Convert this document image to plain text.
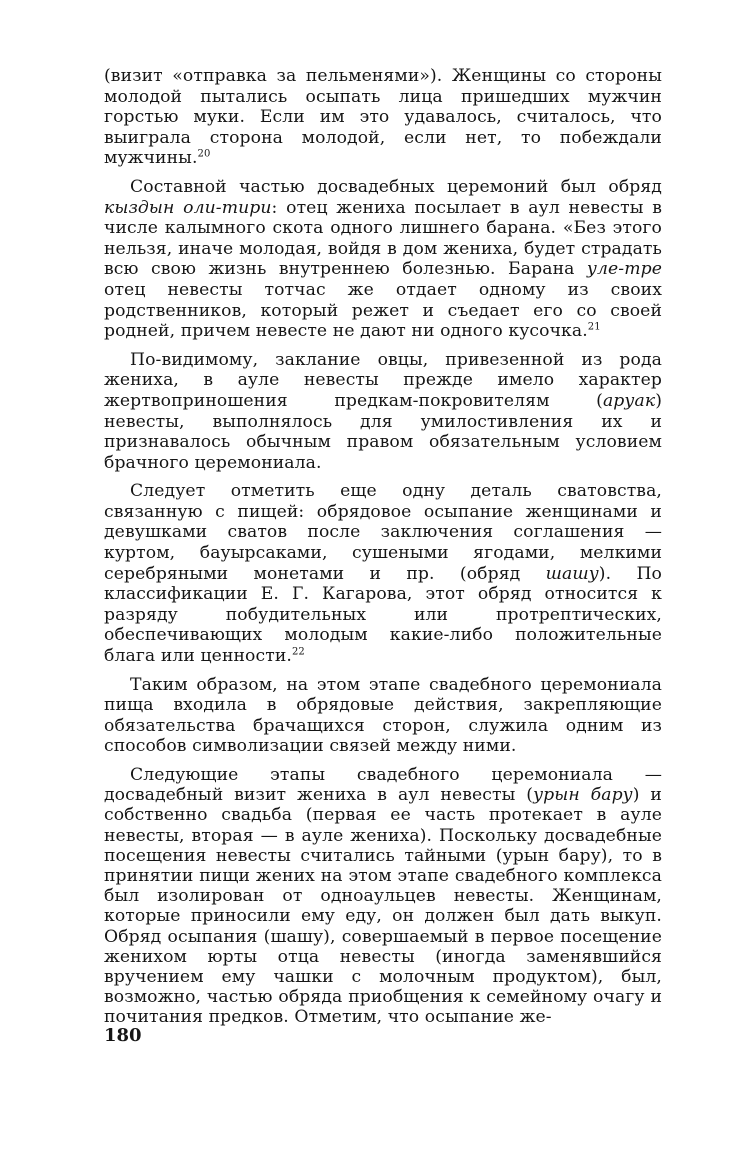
(визит «отправка за пельменями»). Женщины со стороны молодой пытались осыпать лица пришедших мужчин горстью муки. Если им это удавалось, считалось, что выиграла сторона молодой, если нет, то побеждали мужчины.$^{20}$

Составной частью досвадебных церемоний был обряд кыздын оли-тири: отец жениха посылает в аул невесты в числе калымного скота одного лишнего барана. «Без этого нельзя, иначе молодая, войдя в дом жениха, будет страдать всю свою жизнь внутреннею болезнью. Барана уле-тре отец невесты тотчас же отдает одному из своих родственников, который режет и съедает его со своей родней, причем невесте не дают ни одного кусочка.$^{21}$

По-видимому, заклание овцы, привезенной из рода жениха, в ауле невесты прежде имело характер жертвоприношения предкам-покровителям (аруак) невесты, выполнялось для умилостивления их и признавалось обычным правом обязательным условием брачного церемониала.

Следует отметить еще одну деталь сватовства, связанную с пищей: обрядовое осыпание женщинами и девушками сватов после заключения соглашения — куртом, бауырсаками, сушеными ягодами, мелкими серебряными монетами и пр. (обряд шашу). По классификации Е. Г. Кагарова, этот обряд относится к разряду побудительных или протрептических, обеспечивающих молодым какие-либо положительные блага или ценности.$^{22}$

Таким образом, на этом этапе свадебного церемониала пища входила в обрядовые действия, закрепляющие обязательства брачащихся сторон, служила одним из способов символизации связей между ними.

Следующие этапы свадебного церемониала — досвадебный визит жениха в аул невесты (урын бару) и собственно свадьба (первая ее часть протекает в ауле невесты, вторая — в ауле жениха). Поскольку досвадебные посещения невесты считались тайными (урын бару), то в принятии пищи жених на этом этапе свадебного комплекса был изолирован от одноаульцев невесты. Женщинам, которые приносили ему еду, он должен был дать выкуп. Обряд осыпания (шашу), совершаемый в первое посещение женихом юрты отца невесты (иногда заменявшийся вручением ему чашки с молочным продуктом), был, возможно, частью обряда приобщения к семейному очагу и почитания предков. Отметим, что осыпание же-

180
